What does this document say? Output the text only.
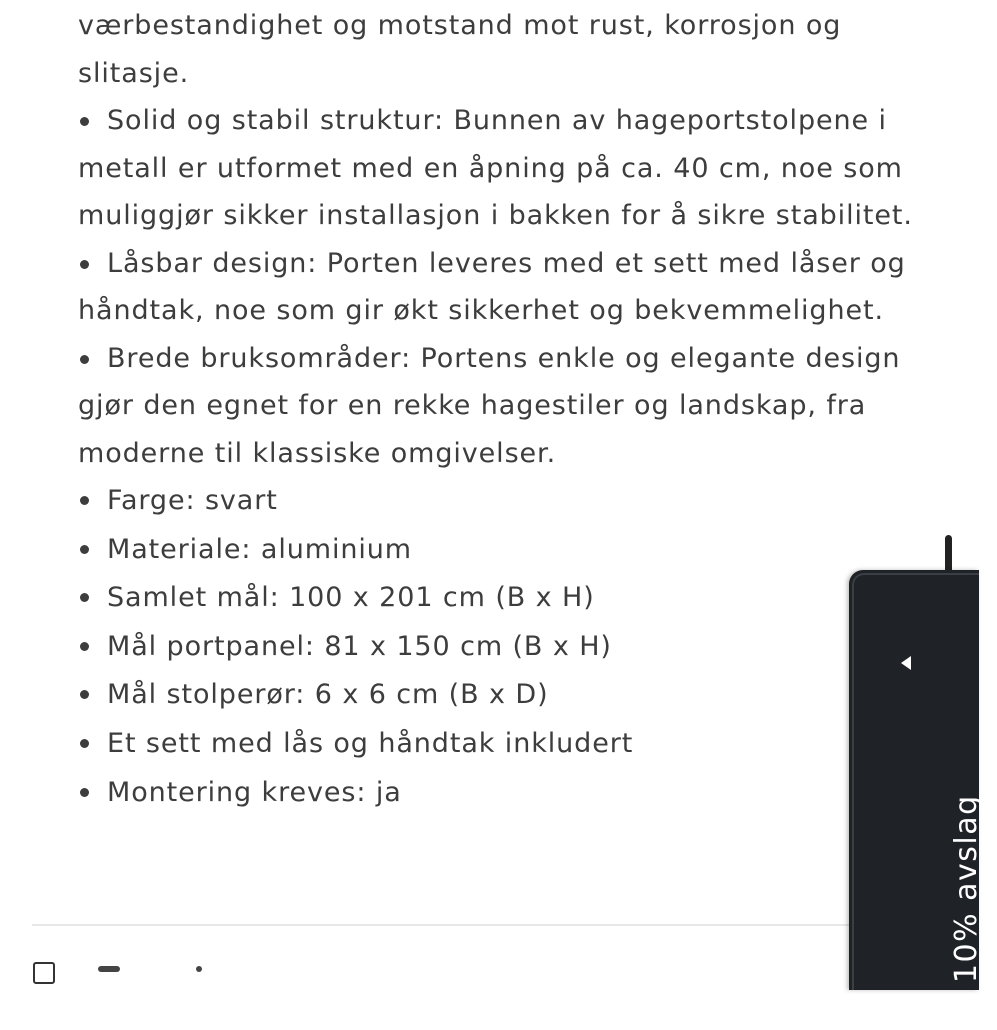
værbestandighet og motstand mot rust, korrosjon og
slitasje.

Solid og stabil struktur: Bunnen av hageportstolpene i metall er utformet med en åpning på ca. 40 cm, noe som muliggjør sikker installasjon i bakken for å sikre stabilitet.
Låsbar design: Porten leveres med et sett med låser og håndtak, noe som gir økt sikkerhet og bekvemmelighet.
Brede bruksområder: Portens enkle og elegante design gjør den egnet for en rekke hagestiler og landskap, fra moderne til klassiske omgivelser.
Farge: svart
Materiale: aluminium
Samlet mål: 100 x 201 cm (B x H)
Mål portpanel: 81 x 150 cm (B x H)
Mål stolperør: 6 x 6 cm (B x D)
Et sett med lås og håndtak inkludert
Montering kreves: ja
Få 10% avslag
